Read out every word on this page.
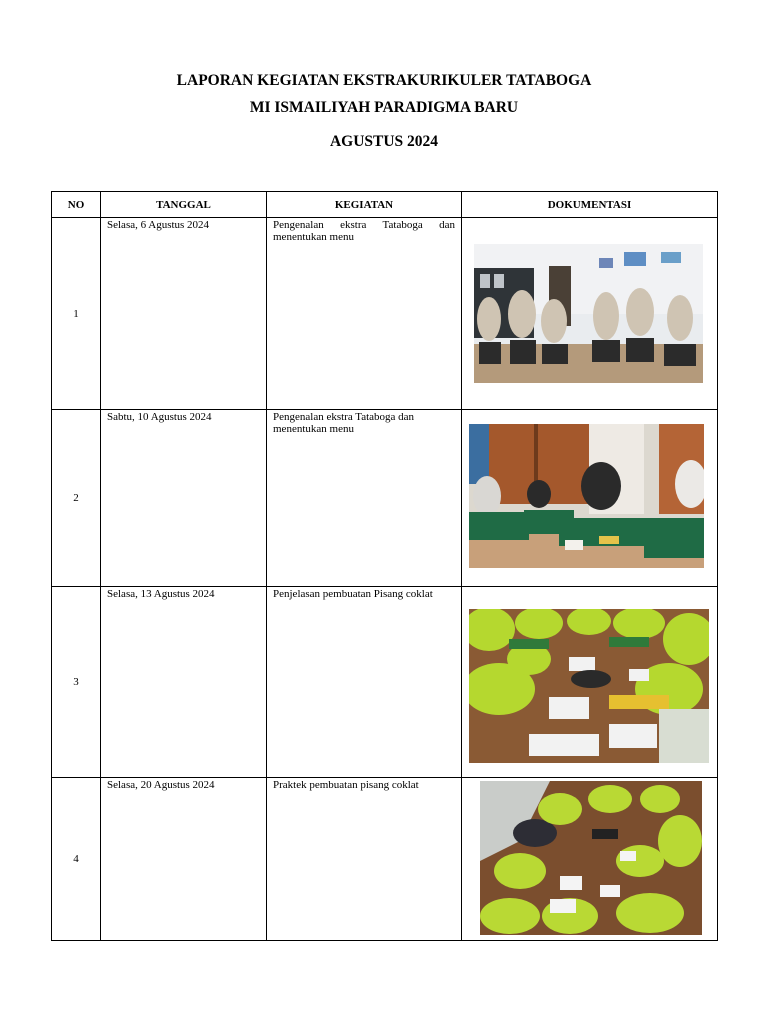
LAPORAN KEGIATAN EKSTRAKURIKULER TATABOGA
MI ISMAILIYAH PARADIGMA BARU
AGUSTUS 2024
NO	TANGGAL	KEGIATAN	DOKUMENTASI
1	Selasa, 6 Agustus 2024	Pengenalan ekstra Tataboga dan menentukan menu	

2	Sabtu, 10 Agustus 2024	Pengenalan ekstra Tataboga dan menentukan menu	

3	Selasa, 13 Agustus 2024	Penjelasan pembuatan Pisang coklat	

4	Selasa, 20 Agustus 2024	Praktek pembuatan pisang coklat	
